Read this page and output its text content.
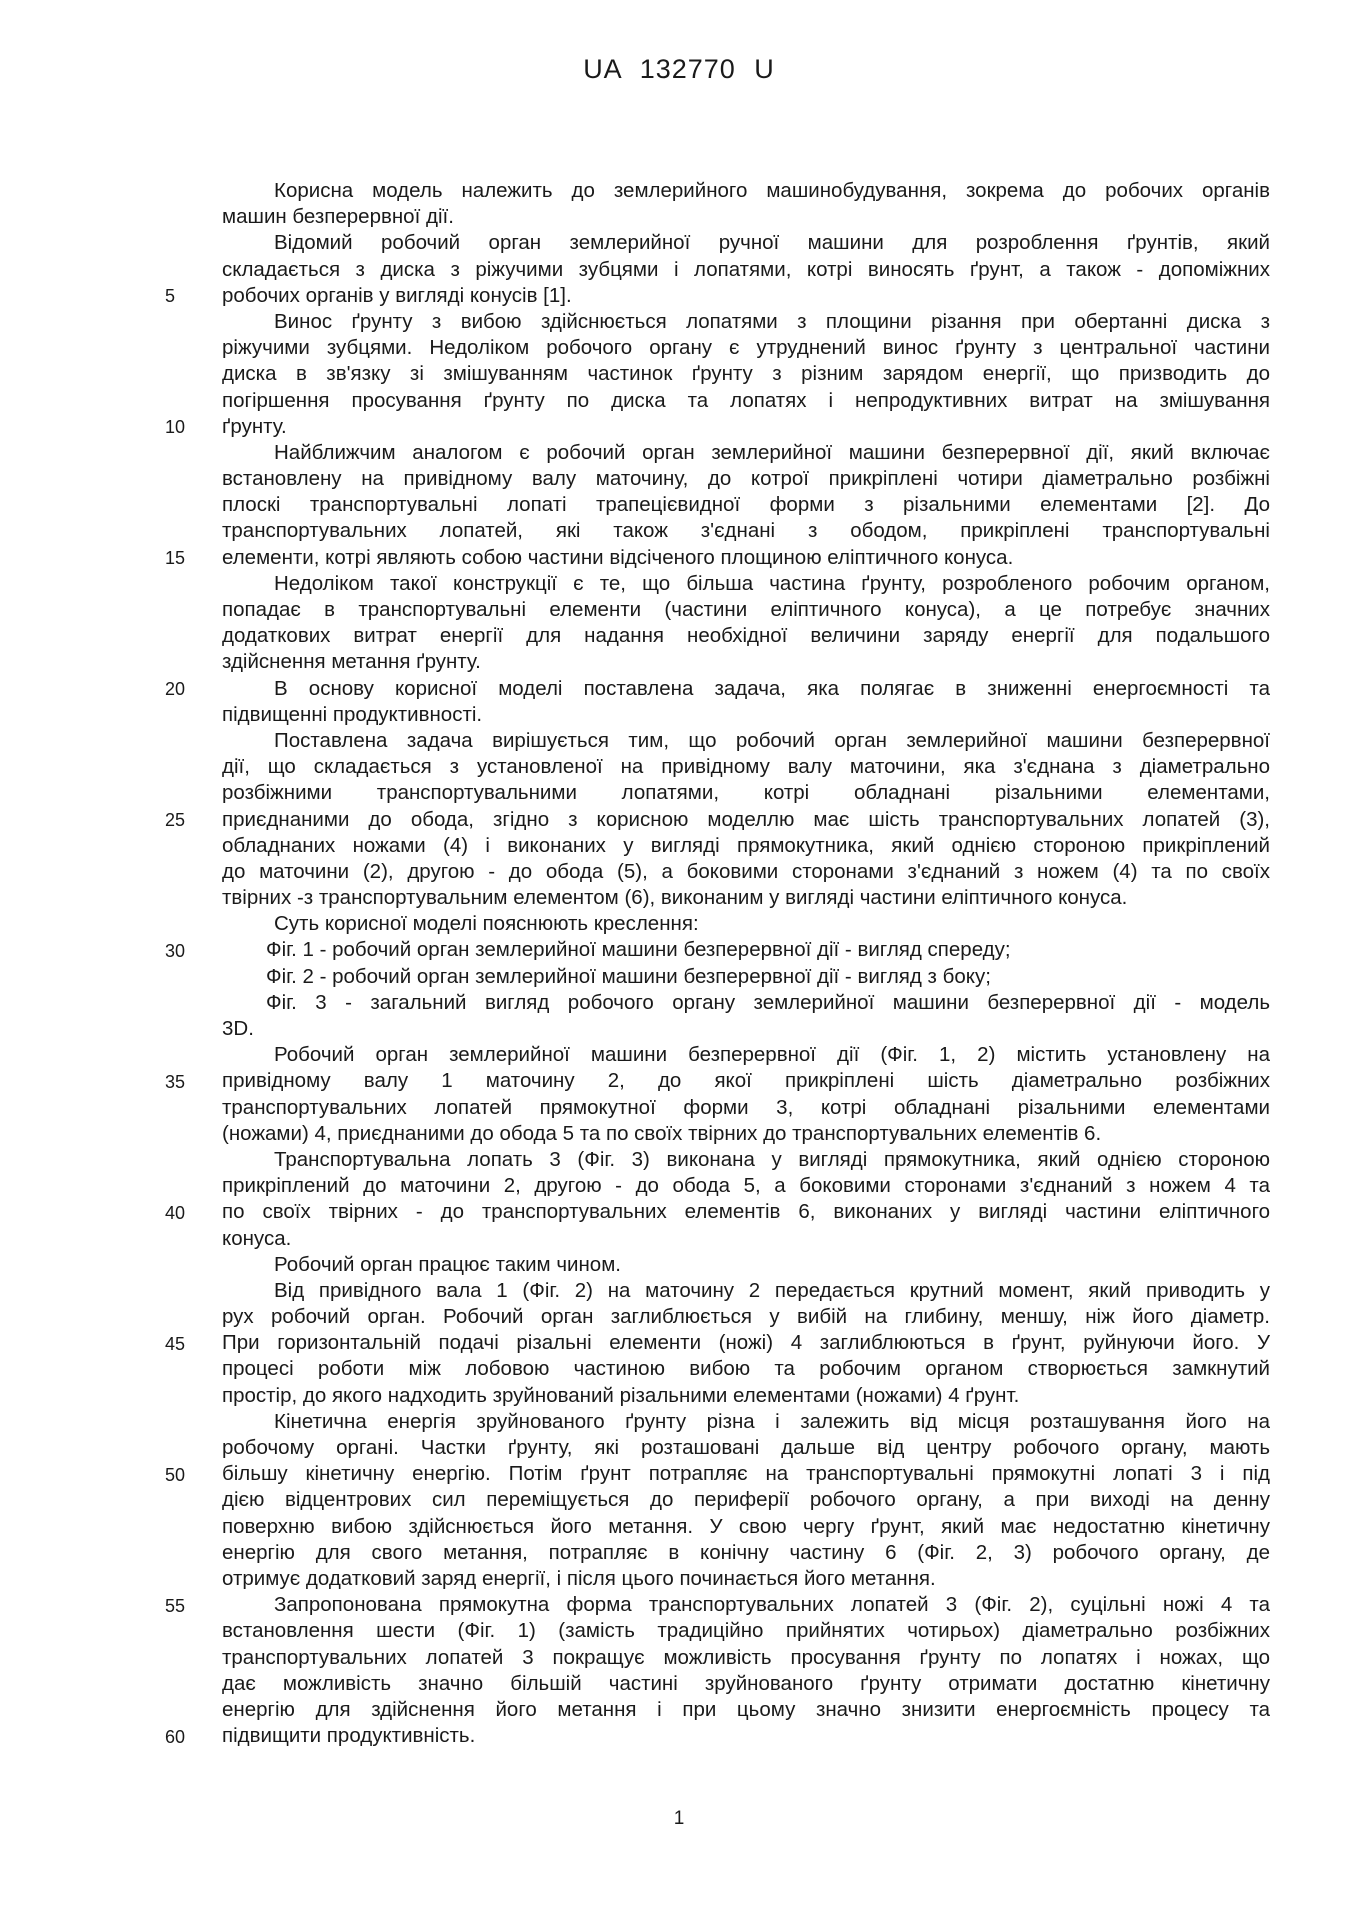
UA 132770 U
5
10
15
20
25
30
35
40
45
50
55
60
Корисна модель належить до землерийного машинобудування, зокрема до робочих органів
машин безперервної дії.
Відомий робочий орган землерийної ручної машини для розроблення ґрунтів, який
складається з диска з ріжучими зубцями і лопатями, котрі виносять ґрунт, а також - допоміжних
робочих органів у вигляді конусів [1].
Винос ґрунту з вибою здійснюється лопатями з площини різання при обертанні диска з
ріжучими зубцями. Недоліком робочого органу є утруднений винос ґрунту з центральної частини
диска в зв'язку зі змішуванням частинок ґрунту з різним зарядом енергії, що призводить до
погіршення просування ґрунту по диска та лопатях і непродуктивних витрат на змішування
ґрунту.
Найближчим аналогом є робочий орган землерийної машини безперервної дії, який включає
встановлену на привідному валу маточину, до котрої прикріплені чотири діаметрально розбіжні
плоскі транспортувальні лопаті трапецієвидної форми з різальними елементами [2]. До
транспортувальних лопатей, які також з'єднані з ободом, прикріплені транспортувальні
елементи, котрі являють собою частини відсіченого площиною еліптичного конуса.
Недоліком такої конструкції є те, що більша частина ґрунту, розробленого робочим органом,
попадає в транспортувальні елементи (частини еліптичного конуса), а це потребує значних
додаткових витрат енергії для надання необхідної величини заряду енергії для подальшого
здійснення метання ґрунту.
В основу корисної моделі поставлена задача, яка полягає в зниженні енергоємності та
підвищенні продуктивності.
Поставлена задача вирішується тим, що робочий орган землерийної машини безперервної
дії, що складається з установленої на привідному валу маточини, яка з'єднана з діаметрально
розбіжними транспортувальними лопатями, котрі обладнані різальними елементами,
приєднаними до обода, згідно з корисною моделлю має шість транспортувальних лопатей (3),
обладнаних ножами (4) і виконаних у вигляді прямокутника, який однією стороною прикріплений
до маточини (2), другою - до обода (5), а боковими сторонами з'єднаний з ножем (4) та по своїх
твірних -з транспортувальним елементом (6), виконаним у вигляді частини еліптичного конуса.
Суть корисної моделі пояснюють креслення:
Фіг. 1 - робочий орган землерийної машини безперервної дії - вигляд спереду;
Фіг. 2 - робочий орган землерийної машини безперервної дії - вигляд з боку;
Фіг. 3 - загальний вигляд робочого органу землерийної машини безперервної дії - модель
3D.
Робочий орган землерийної машини безперервної дії (Фіг. 1, 2) містить установлену на
привідному валу 1 маточину 2, до якої прикріплені шість діаметрально розбіжних
транспортувальних лопатей прямокутної форми 3, котрі обладнані різальними елементами
(ножами) 4, приєднаними до обода 5 та по своїх твірних до транспортувальних елементів 6.
Транспортувальна лопать 3 (Фіг. 3) виконана у вигляді прямокутника, який однією стороною
прикріплений до маточини 2, другою - до обода 5, а боковими сторонами з'єднаний з ножем 4 та
по своїх твірних - до транспортувальних елементів 6, виконаних у вигляді частини еліптичного
конуса.
Робочий орган працює таким чином.
Від привідного вала 1 (Фіг. 2) на маточину 2 передається крутний момент, який приводить у
рух робочий орган. Робочий орган заглиблюється у вибій на глибину, меншу, ніж його діаметр.
При горизонтальній подачі різальні елементи (ножі) 4 заглиблюються в ґрунт, руйнуючи його. У
процесі роботи між лобовою частиною вибою та робочим органом створюється замкнутий
простір, до якого надходить зруйнований різальними елементами (ножами) 4 ґрунт.
Кінетична енергія зруйнованого ґрунту різна і залежить від місця розташування його на
робочому органі. Частки ґрунту, які розташовані дальше від центру робочого органу, мають
більшу кінетичну енергію. Потім ґрунт потрапляє на транспортувальні прямокутні лопаті 3 і під
дією відцентрових сил переміщується до периферії робочого органу, а при виході на денну
поверхню вибою здійснюється його метання. У свою чергу ґрунт, який має недостатню кінетичну
енергію для свого метання, потрапляє в конічну частину 6 (Фіг. 2, 3) робочого органу, де
отримує додатковий заряд енергії, і після цього починається його метання.
Запропонована прямокутна форма транспортувальних лопатей 3 (Фіг. 2), суцільні ножі 4 та
встановлення шести (Фіг. 1) (замість традиційно прийнятих чотирьох) діаметрально розбіжних
транспортувальних лопатей 3 покращує можливість просування ґрунту по лопатях і ножах, що
дає можливість значно більшій частині зруйнованого ґрунту отримати достатню кінетичну
енергію для здійснення його метання і при цьому значно знизити енергоємність процесу та
підвищити продуктивність.
1
